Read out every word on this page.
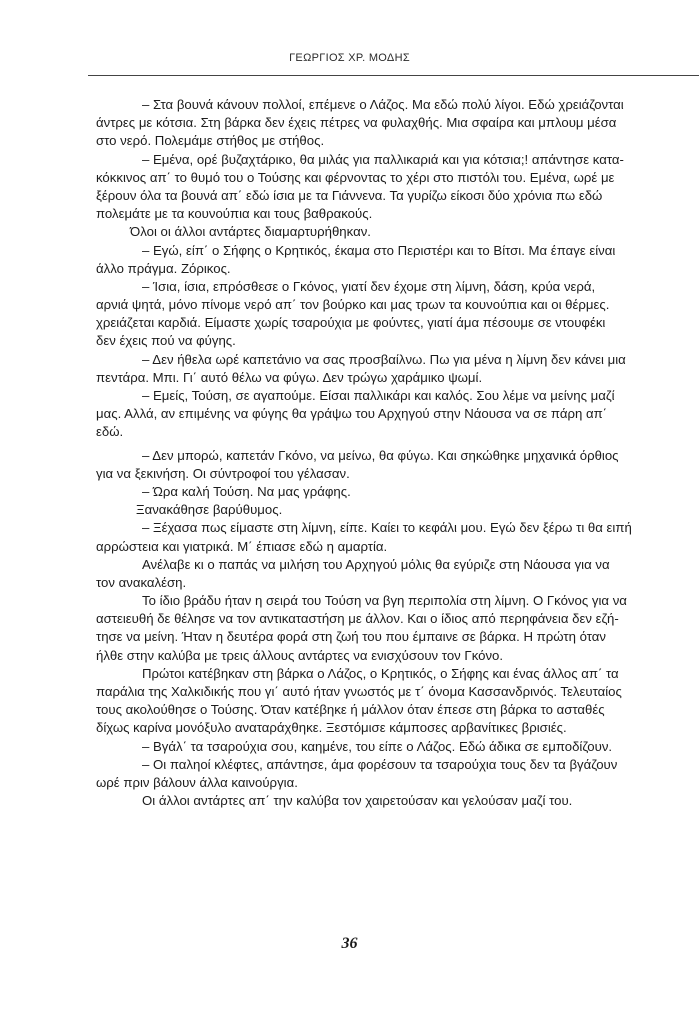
ΓΕΩΡΓΙΟΣ ΧΡ. ΜΟΔΗΣ
– Στα βουνά κάνουν πολλοί, επέμενε ο Λάζος. Μα εδώ πολύ λίγοι. Εδώ χρειάζονται
άντρες με κότσια. Στη βάρκα δεν έχεις πέτρες να φυλαχθής. Μια σφαίρα και μπλουμ μέσα
στο νερό. Πολεμάμε στήθος με στήθος.
– Εμένα, ορέ βυζαχτάρικο, θα μιλάς για παλλικαριά και για κότσια;! απάντησε κατα-
κόκκινος απ΄ το θυμό του ο Τούσης και φέρνοντας το χέρι στο πιστόλι του. Εμένα, ωρέ με
ξέρουν όλα τα βουνά απ΄ εδώ ίσια με τα Γιάννενα. Τα γυρίζω είκοσι δύο χρόνια πω εδώ
πολεμάτε με τα κουνούπια και τους βαθρακούς.
Όλοι οι άλλοι αντάρτες διαμαρτυρήθηκαν.
– Εγώ, είπ΄ ο Σήφης ο Κρητικός, έκαμα στο Περιστέρι και το Βίτσι. Μα έπαγε είναι
άλλο πράγμα. Ζόρικος.
– Ίσια, ίσια, επρόσθεσε ο Γκόνος, γιατί δεν έχομε στη λίμνη, δάση, κρύα νερά,
αρνιά ψητά, μόνο πίνομε νερό απ΄ τον βούρκο και μας τρων τα κουνούπια και οι θέρμες.
χρειάζεται καρδιά. Είμαστε χωρίς τσαρούχια με φούντες, γιατί άμα πέσουμε σε ντουφέκι
δεν έχεις πού να φύγης.
– Δεν ήθελα ωρέ καπετάνιο να σας προσβαίλνω. Πω για μένα η λίμνη δεν κάνει μια
πεντάρα. Μπι. Γι΄ αυτό θέλω να φύγω. Δεν τρώγω χαράμικο ψωμί.
– Εμείς, Τούση, σε αγαπούμε. Είσαι παλλικάρι και καλός. Σου λέμε να μείνης μαζί
μας. Αλλά, αν επιμένης να φύγης θα γράψω του Αρχηγού στην Νάουσα να σε πάρη απ΄
εδώ.
– Δεν μπορώ, καπετάν Γκόνο, να μείνω, θα φύγω. Και σηκώθηκε μηχανικά όρθιος
για να ξεκινήση. Οι σύντροφοί του γέλασαν.
– Ώρα καλή Τούση. Να μας γράφης.
Ξανακάθησε βαρύθυμος.
– Ξέχασα πως είμαστε στη λίμνη, είπε. Καίει το κεφάλι μου. Εγώ δεν ξέρω τι θα ειπή
αρρώστεια και γιατρικά. Μ΄ έπιασε εδώ η αμαρτία.
Ανέλαβε κι ο παπάς να μιλήση του Αρχηγού μόλις θα εγύριζε στη Νάουσα για να
τον ανακαλέση.
Το ίδιο βράδυ ήταν η σειρά του Τούση να βγη περιπολία στη λίμνη. Ο Γκόνος για να
αστειευθή δε θέλησε να τον αντικαταστήση με άλλον. Και ο ίδιος από περηφάνεια δεν εζή-
τησε να μείνη. Ήταν η δευτέρα φορά στη ζωή του που έμπαινε σε βάρκα. Η πρώτη όταν
ήλθε στην καλύβα με τρεις άλλους αντάρτες να ενισχύσουν τον Γκόνο.
Πρώτοι κατέβηκαν στη βάρκα ο Λάζος, ο Κρητικός, ο Σήφης και ένας άλλος απ΄ τα
παράλια της Χαλκιδικής που γι΄ αυτό ήταν γνωστός με τ΄ όνομα Κασσανδρινός. Τελευταίος
τους ακολούθησε ο Τούσης. Όταν κατέβηκε ή μάλλον όταν έπεσε στη βάρκα το ασταθές
δίχως καρίνα μονόξυλο αναταράχθηκε. Ξεστόμισε κάμποσες αρβανίτικες βρισιές.
– Βγάλ΄ τα τσαρούχια σου, καημένε, του είπε ο Λάζος. Εδώ άδικα σε εμποδίζουν.
– Οι παληοί κλέφτες, απάντησε, άμα φορέσουν τα τσαρούχια τους δεν τα βγάζουν
ωρέ πριν βάλουν άλλα καινούργια.
Οι άλλοι αντάρτες απ΄ την καλύβα τον χαιρετούσαν και γελούσαν μαζί του.
36
